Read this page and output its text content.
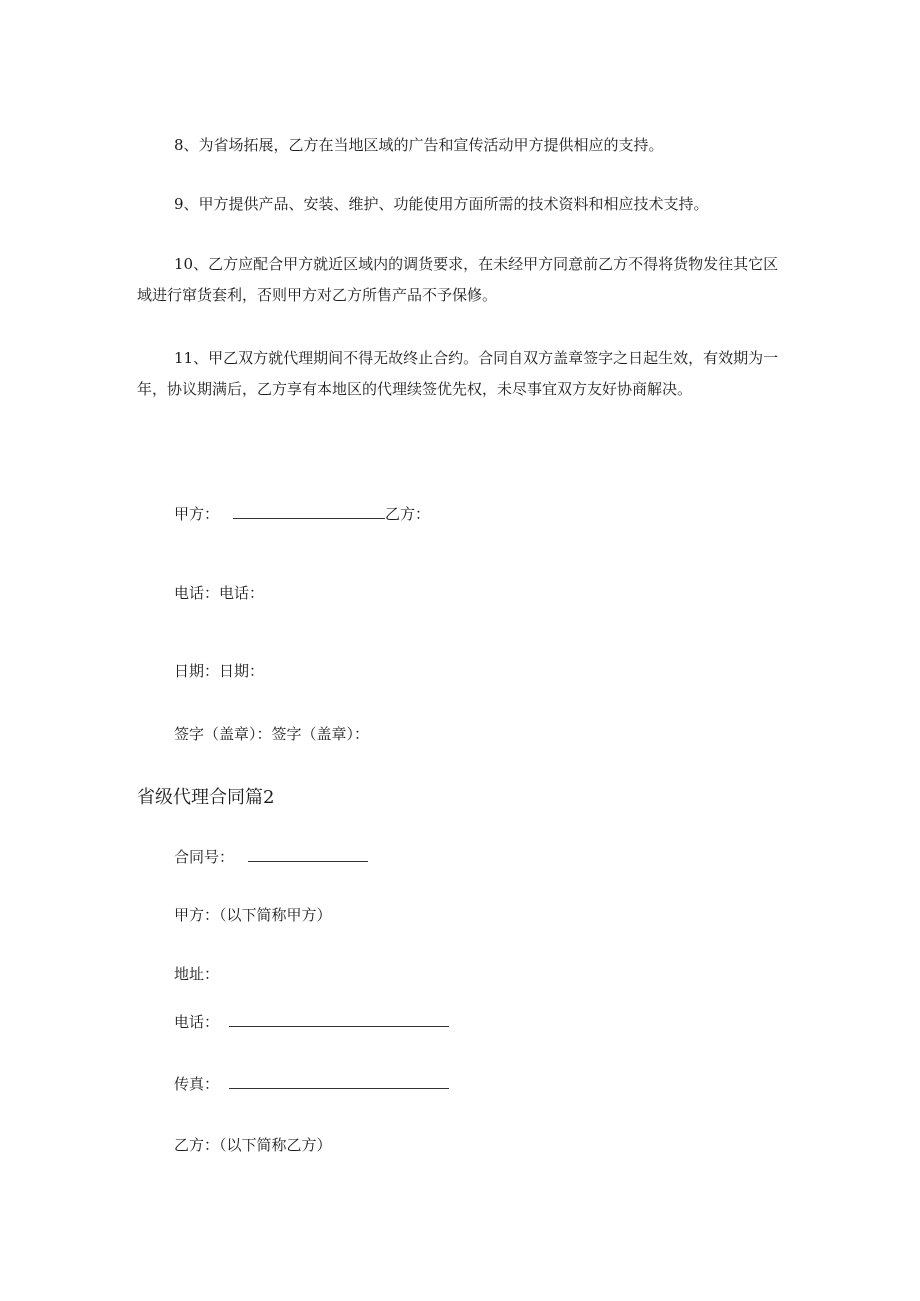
8、为省场拓展，乙方在当地区域的广告和宣传活动甲方提供相应的支持。

9、甲方提供产品、安装、维护、功能使用方面所需的技术资料和相应技术支持。

10、乙方应配合甲方就近区域内的调货要求，在未经甲方同意前乙方不得将货物发往其它区域进行窜货套利，否则甲方对乙方所售产品不予保修。

11、甲乙双方就代理期间不得无故终止合约。合同自双方盖章签字之日起生效，有效期为一年，协议期满后，乙方享有本地区的代理续签优先权，未尽事宜双方友好协商解决。

甲方：	乙方：
电话：电话：
日期：日期：
签字（盖章）：签字（盖章）：
省级代理合同篇2
合同号：
甲方：（以下简称甲方）
地址：
电话：
传真：
乙方：（以下简称乙方）
